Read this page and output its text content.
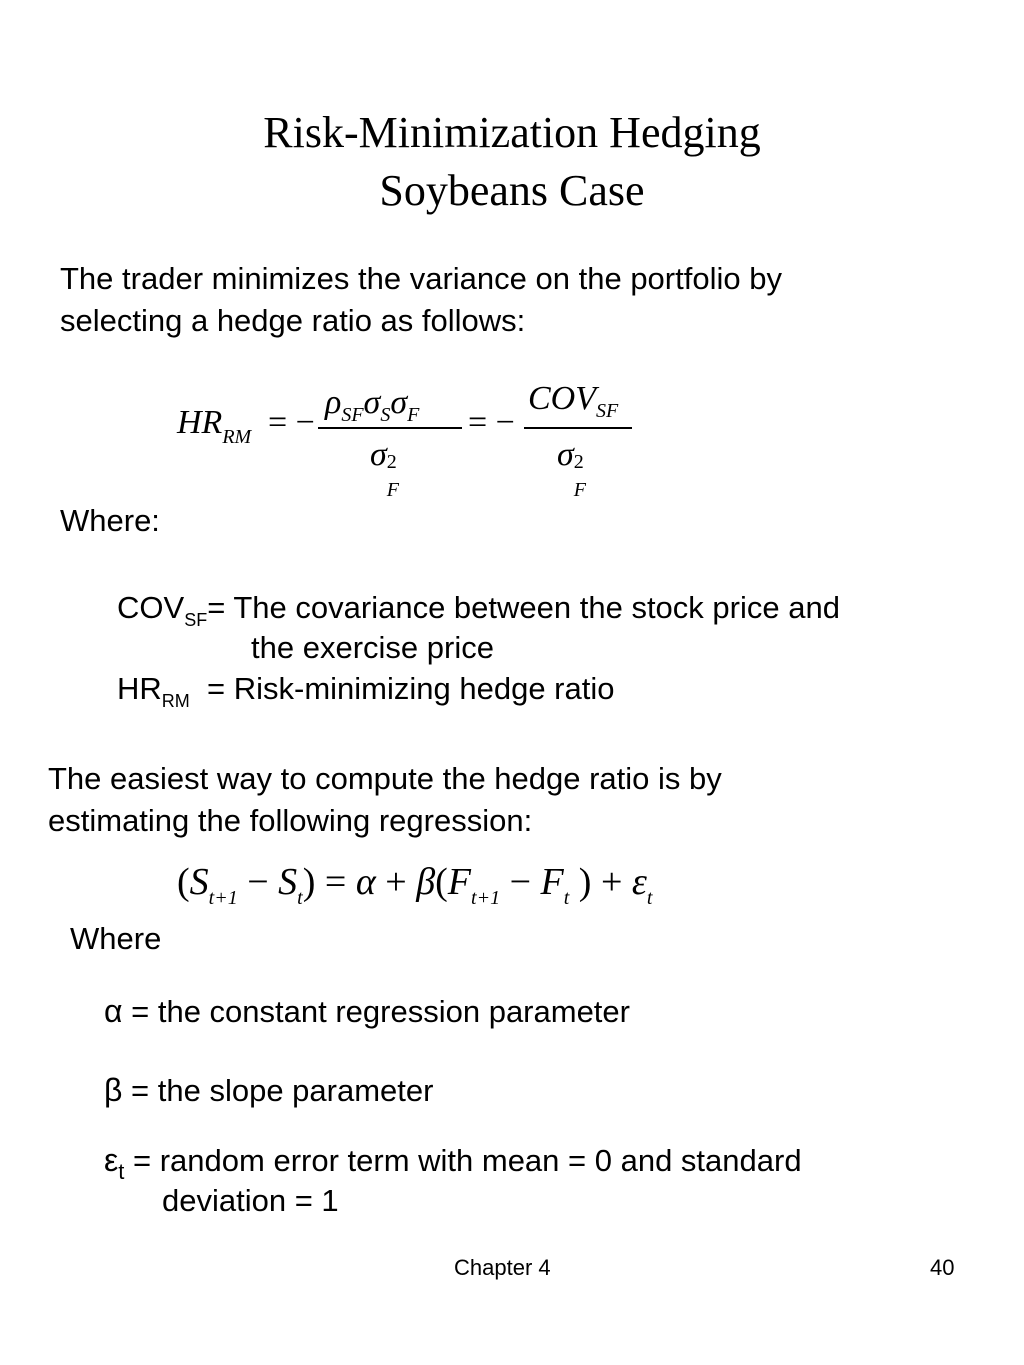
Risk-Minimization Hedging
Soybeans Case
The trader minimizes the variance on the portfolio by
selecting a hedge ratio as follows:
$HR_{RM}$ = −
$\rho_{SF}\sigma_S\sigma_F$
σ 2
F
= −
$COV_{SF}$
σ 2
F
Where:
$COV_{SF}=$ The covariance between the stock price and
the exercise price
$HR_{RM}$ = Risk-minimizing hedge ratio
The easiest way to compute the hedge ratio is by
estimating the following regression:
$(S_{t+1} - S_t) = \alpha + \beta(F_{t+1} - F_t$ ) + $\varepsilon_t$
Where
α = the constant regression parameter
β = the slope parameter
$\varepsilon_t$ = random error term with mean = 0 and standard
deviation = 1
Chapter 4	40
